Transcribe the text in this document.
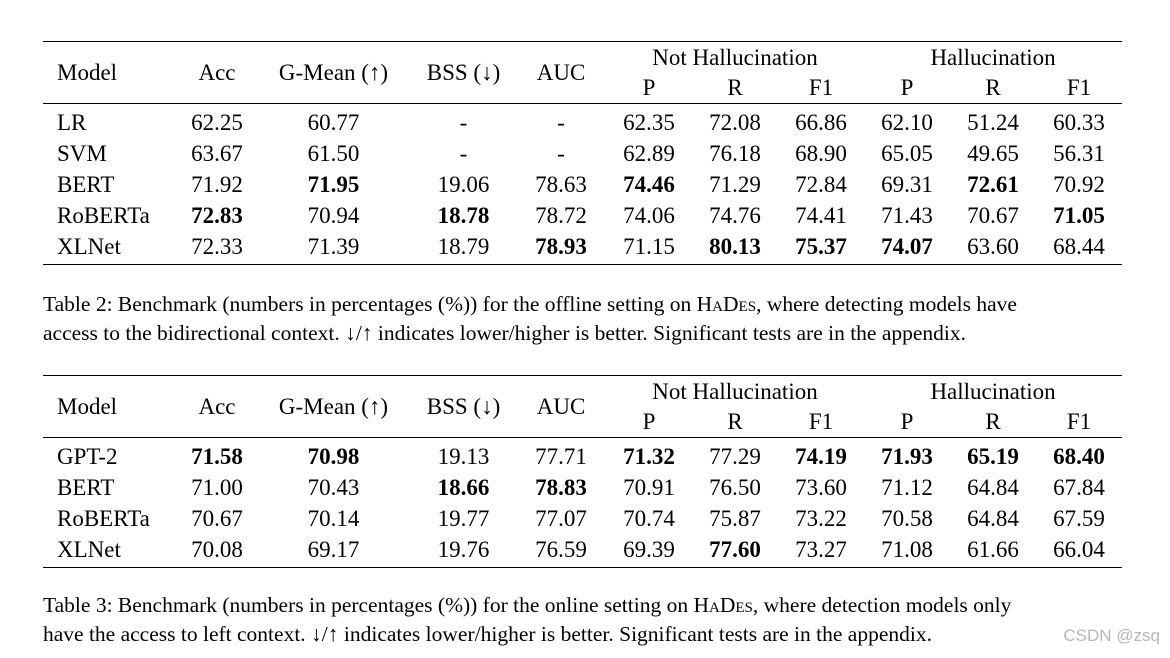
Model	Acc	G-Mean (↑)	BSS (↓)	AUC	Not Hallucination			Hallucination		
					P	R	F1	P	R	F1
LR	62.25	60.77	-	-	62.35	72.08	66.86	62.10	51.24	60.33
SVM	63.67	61.50	-	-	62.89	76.18	68.90	65.05	49.65	56.31
BERT	71.92	71.95	19.06	78.63	74.46	71.29	72.84	69.31	72.61	70.92
RoBERTa	72.83	70.94	18.78	78.72	74.06	74.76	74.41	71.43	70.67	71.05
XLNet	72.33	71.39	18.79	78.93	71.15	80.13	75.37	74.07	63.60	68.44
Table 2: Benchmark (numbers in percentages (%)) for the offline setting on HaDes, where detecting models have
access to the bidirectional context. ↓/↑ indicates lower/higher is better. Significant tests are in the appendix.
Model	Acc	G-Mean (↑)	BSS (↓)	AUC	Not Hallucination			Hallucination		
					P	R	F1	P	R	F1
GPT-2	71.58	70.98	19.13	77.71	71.32	77.29	74.19	71.93	65.19	68.40
BERT	71.00	70.43	18.66	78.83	70.91	76.50	73.60	71.12	64.84	67.84
RoBERTa	70.67	70.14	19.77	77.07	70.74	75.87	73.22	70.58	64.84	67.59
XLNet	70.08	69.17	19.76	76.59	69.39	77.60	73.27	71.08	61.66	66.04
Table 3: Benchmark (numbers in percentages (%)) for the online setting on HaDes, where detection models only
have the access to left context. ↓/↑ indicates lower/higher is better. Significant tests are in the appendix.	CSDN @zsq
